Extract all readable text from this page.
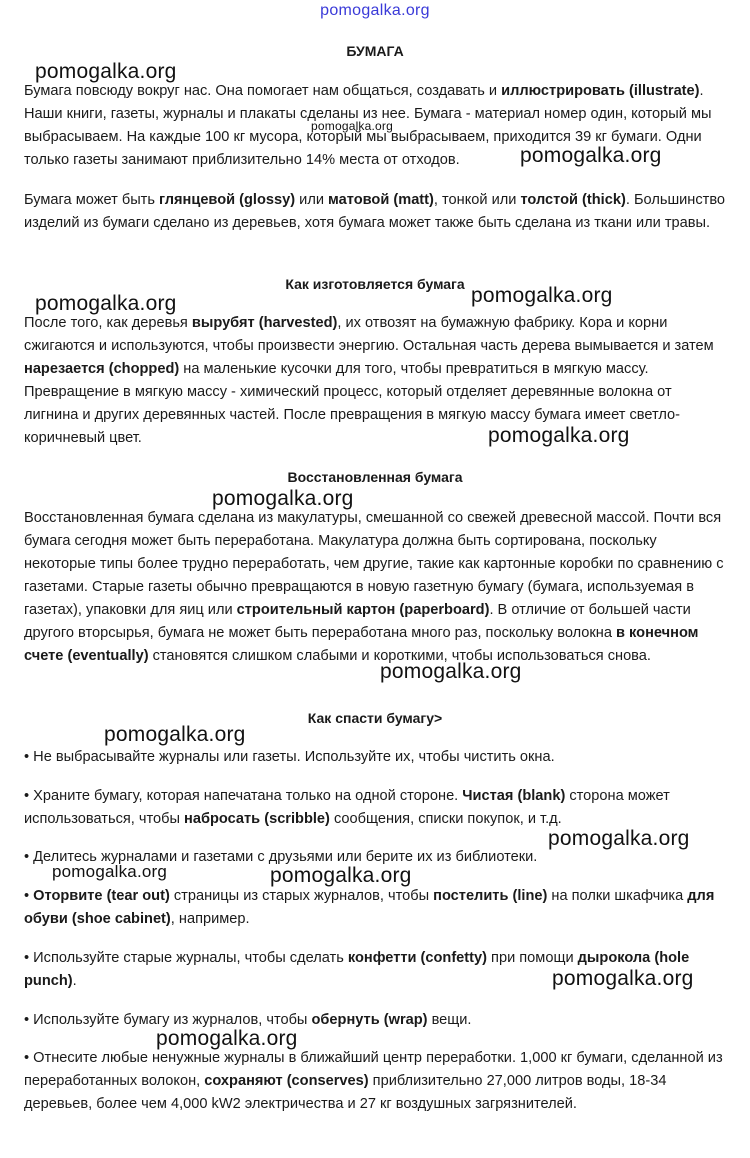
pomogalka.org
БУМАГА
Бумага повсюду вокруг нас. Она помогает нам общаться, создавать и иллюстрировать (illustrate). Наши книги, газеты, журналы и плакаты сделаны из нее. Бумага - материал номер один, который мы выбрасываем. На каждые 100 кг мусора, который мы выбрасываем, приходится 39 кг бумаги. Одни только газеты занимают приблизительно 14% места от отходов.
Бумага может быть глянцевой (glossy) или матовой (matt), тонкой или толстой (thick). Большинство изделий из бумаги сделано из деревьев, хотя бумага может также быть сделана из ткани или травы.
Как изготовляется бумага
После того, как деревья вырубят (harvested), их отвозят на бумажную фабрику. Кора и корни сжигаются и используются, чтобы произвести энергию. Остальная часть дерева вымывается и затем нарезается (chopped) на маленькие кусочки для того, чтобы превратиться в мягкую массу. Превращение в мягкую массу - химический процесс, который отделяет деревянные волокна от лигнина и других деревянных частей. После превращения в мягкую массу бумага имеет светло-коричневый цвет.
Восстановленная бумага
Восстановленная бумага сделана из макулатуры, смешанной со свежей древесной массой. Почти вся бумага сегодня может быть переработана. Макулатура должна быть сортирована, поскольку некоторые типы более трудно переработать, чем другие, такие как картонные коробки по сравнению с газетами. Старые газеты обычно превращаются в новую газетную бумагу (бумага, используемая в газетах), упаковки для яиц или строительный картон (paperboard). В отличие от большей части другого вторсырья, бумага не может быть переработана много раз, поскольку волокна в конечном счете (eventually) становятся слишком слабыми и короткими, чтобы использоваться снова.
Как спасти бумагу>
• Не выбрасывайте журналы или газеты. Используйте их, чтобы чистить окна.
• Храните бумагу, которая напечатана только на одной стороне. Чистая (blank) сторона может использоваться, чтобы набросать (scribble) сообщения, списки покупок, и т.д.
• Делитесь журналами и газетами с друзьями или берите их из библиотеки.
• Оторвите (tear out) страницы из старых журналов, чтобы постелить (line) на полки шкафчика для обуви (shoe cabinet), например.
• Используйте старые журналы, чтобы сделать конфетти (confetty) при помощи дырокола (hole punch).
• Используйте бумагу из журналов, чтобы обернуть (wrap) вещи.
• Отнесите любые ненужные журналы в ближайший центр переработки. 1,000 кг бумаги, сделанной из переработанных волокон, сохраняют (conserves) приблизительно 27,000 литров воды, 18-34 деревьев, более чем 4,000 kW2 электричества и 27 кг воздушных загрязнителей.
pomogalka.org
pomogalka.org
pomogalka.org
pomogalka.org	pomogalka.org
pomogalka.org
pomogalka.org
pomogalka.org
pomogalka.org
pomogalka.org
pomogalka.org	pomogalka.org
pomogalka.org
pomogalka.org
